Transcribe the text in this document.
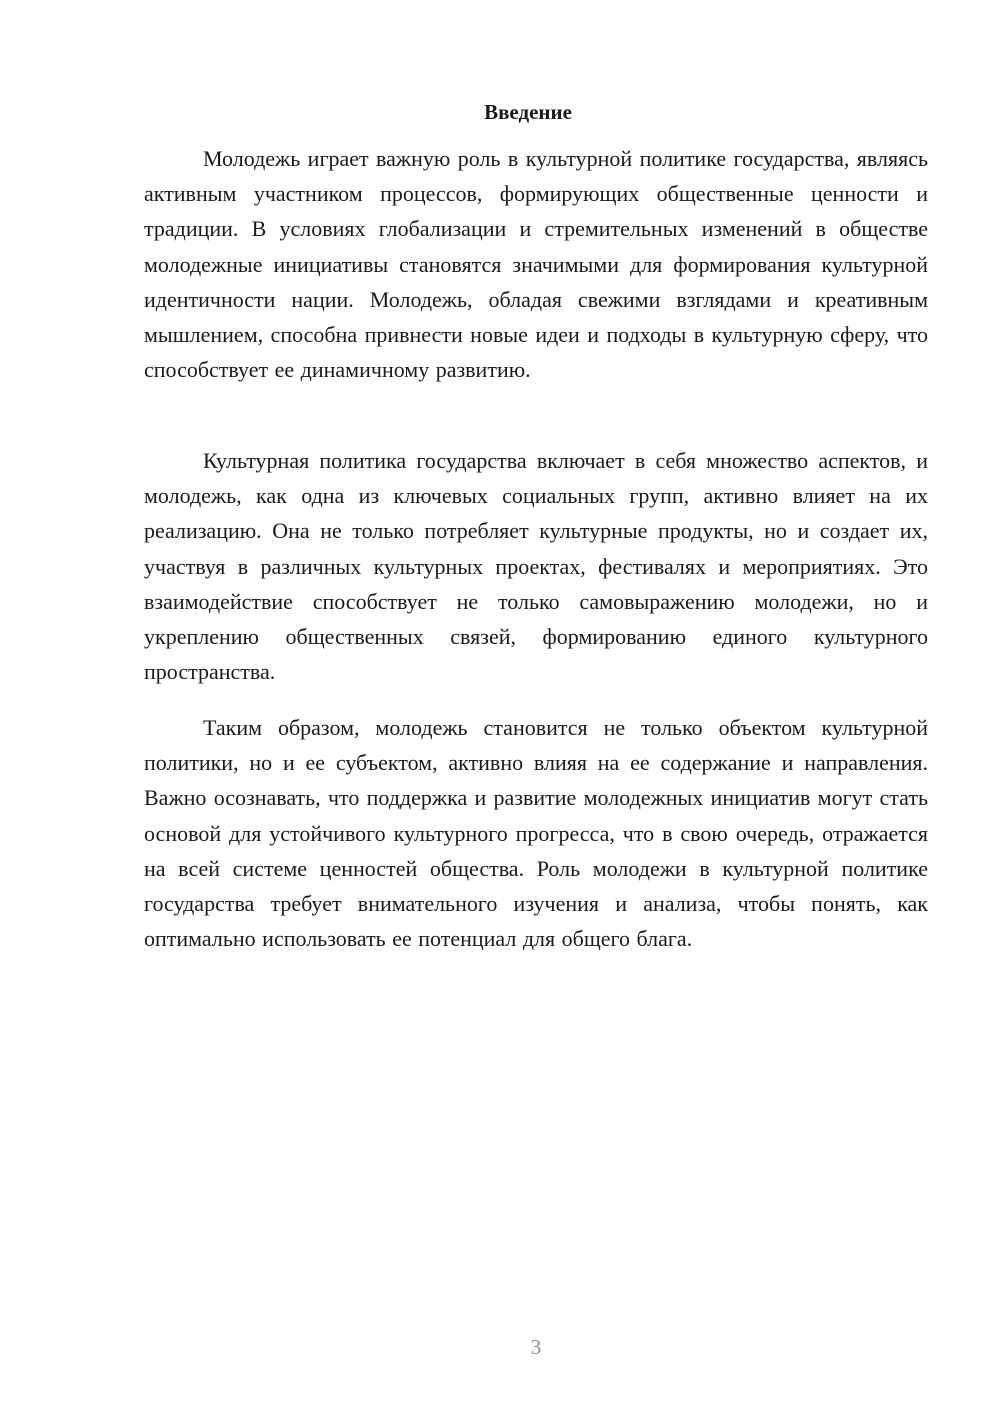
Введение

Молодежь играет важную роль в культурной политике государства, являясь активным участником процессов, формирующих общественные ценности и традиции. В условиях глобализации и стремительных изменений в обществе молодежные инициативы становятся значимыми для формирования культурной идентичности нации. Молодежь, обладая свежими взглядами и креативным мышлением, способна привнести новые идеи и подходы в культурную сферу, что способствует ее динамичному развитию.

Культурная политика государства включает в себя множество аспектов, и молодежь, как одна из ключевых социальных групп, активно влияет на их реализацию. Она не только потребляет культурные продукты, но и создает их, участвуя в различных культурных проектах, фестивалях и мероприятиях. Это взаимодействие способствует не только самовыражению молодежи, но и укреплению общественных связей, формированию единого культурного пространства.

Таким образом, молодежь становится не только объектом культурной политики, но и ее субъектом, активно влияя на ее содержание и направления. Важно осознавать, что поддержка и развитие молодежных инициатив могут стать основой для устойчивого культурного прогресса, что в свою очередь, отражается на всей системе ценностей общества. Роль молодежи в культурной политике государства требует внимательного изучения и анализа, чтобы понять, как оптимально использовать ее потенциал для общего блага.

3
